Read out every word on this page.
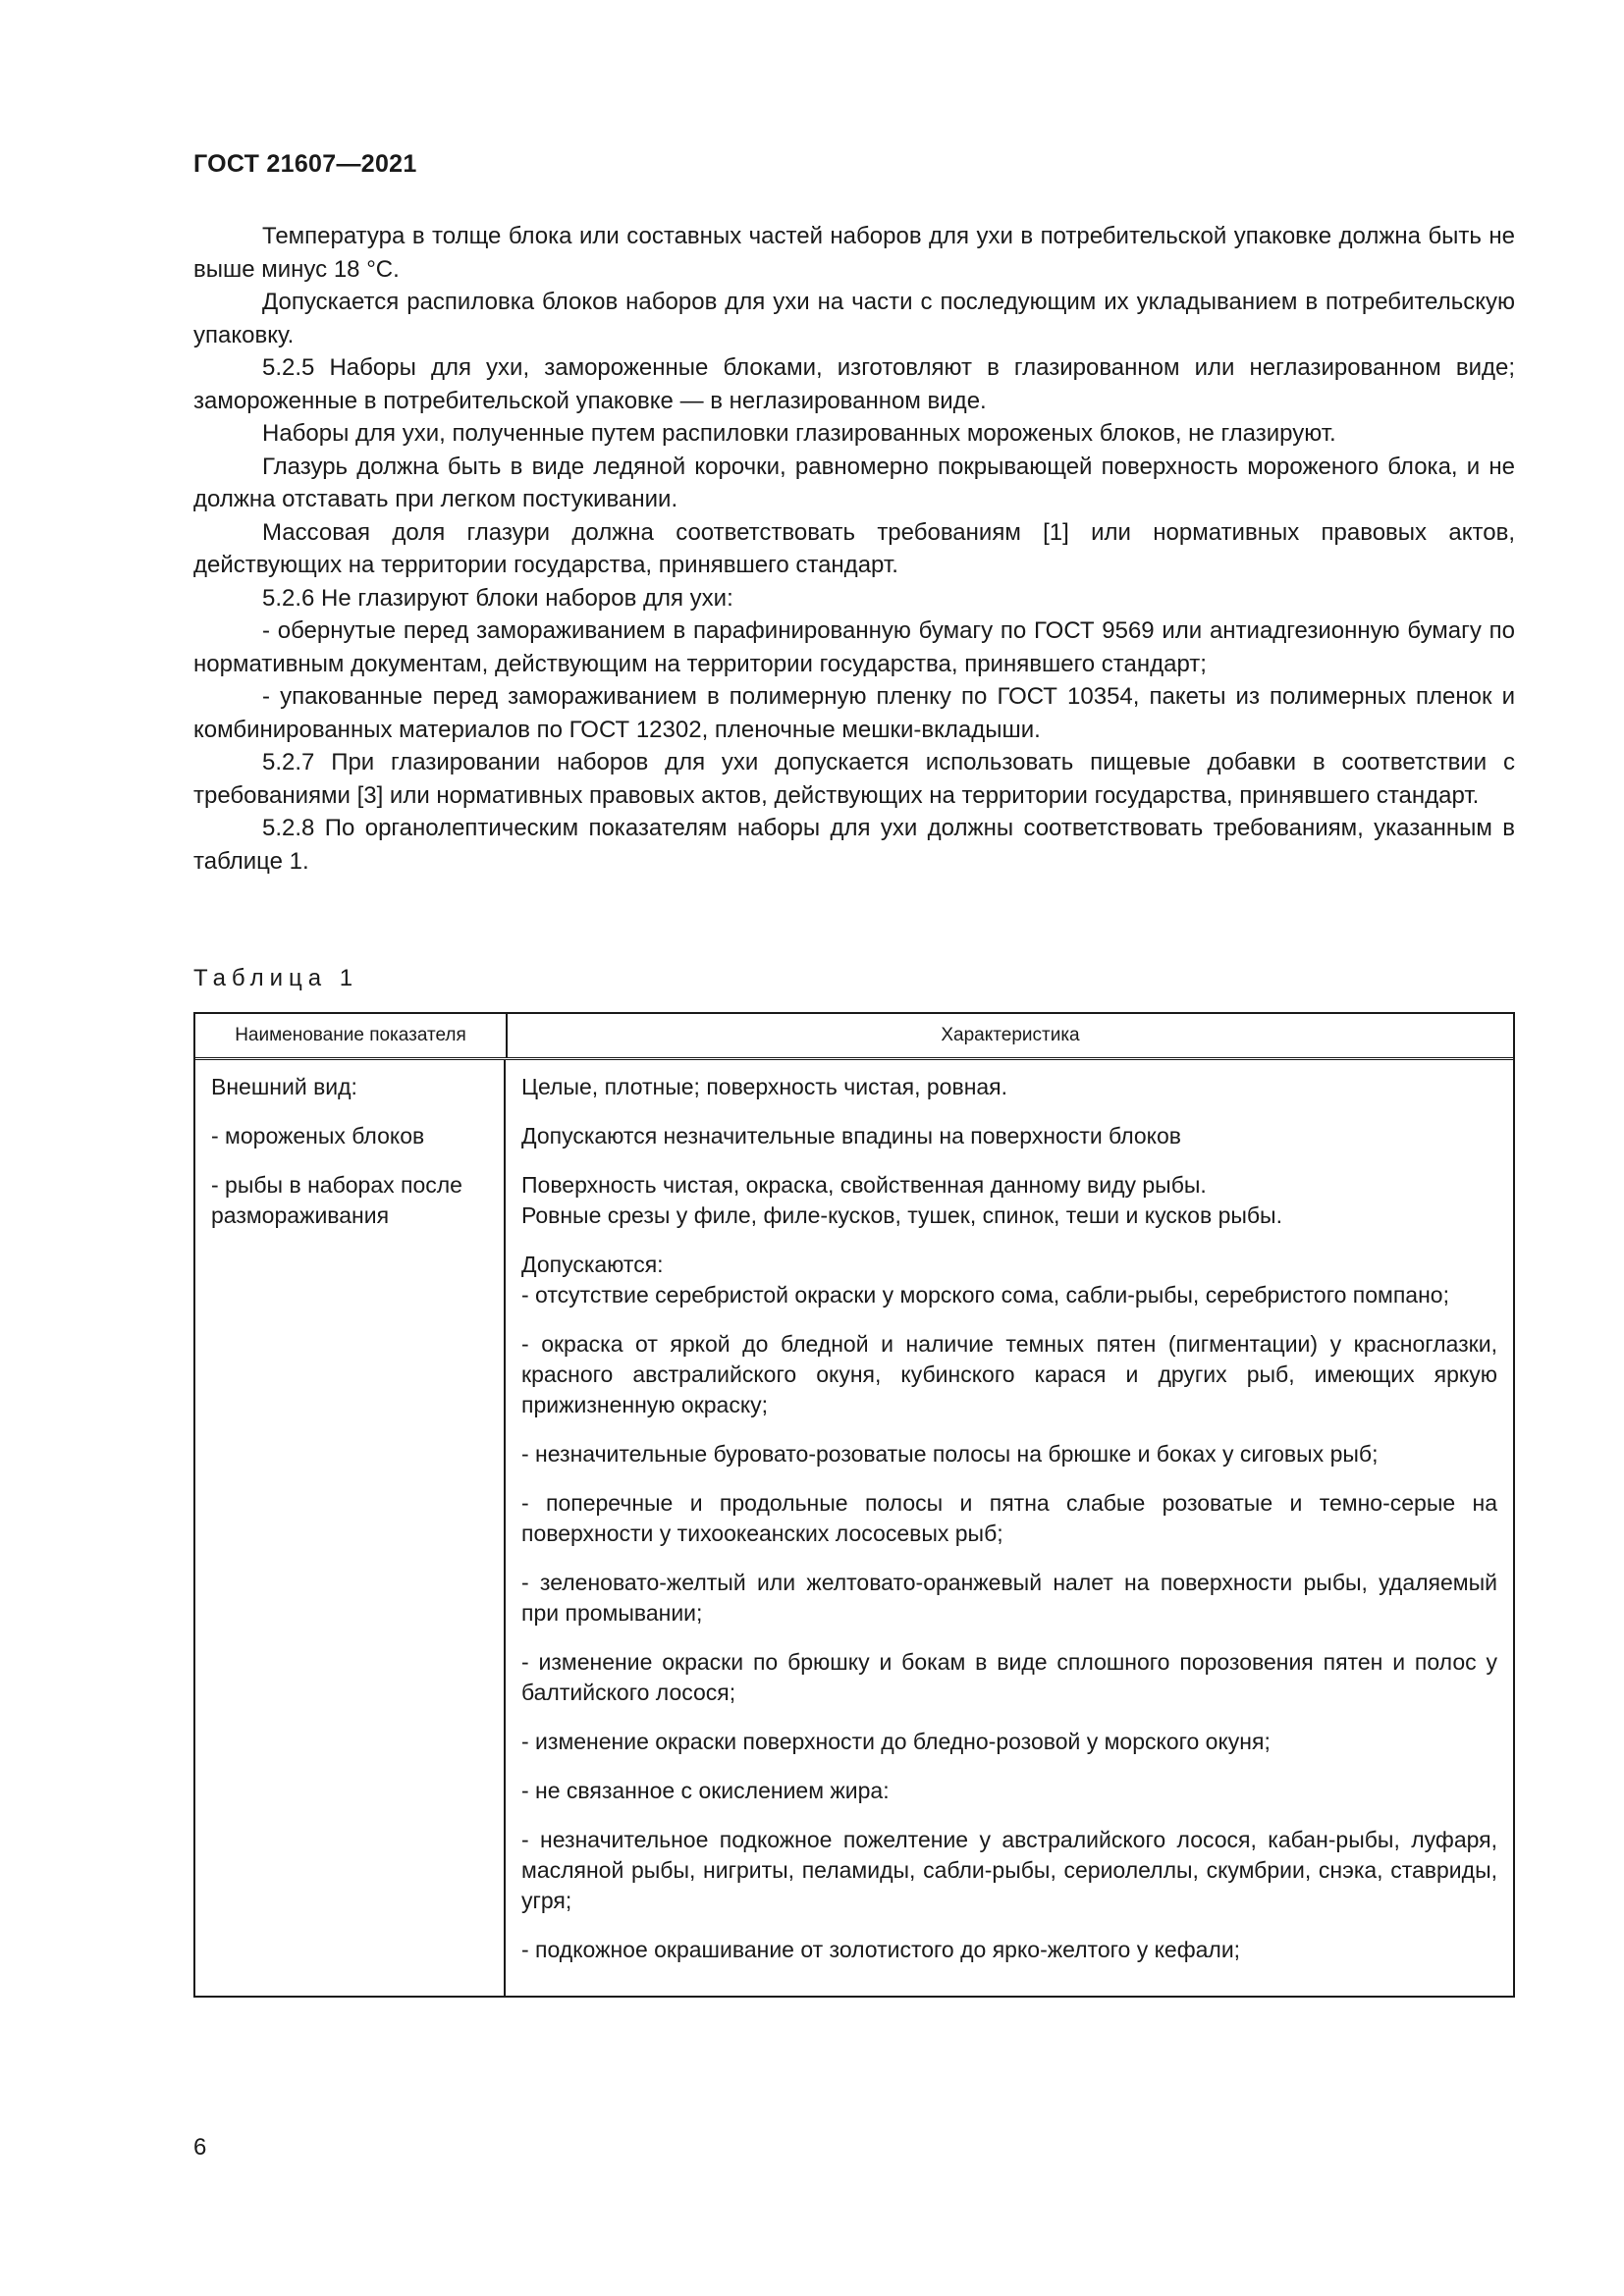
ГОСТ 21607—2021

Температура в толще блока или составных частей наборов для ухи в потребительской упаковке должна быть не выше минус 18 °С.

Допускается распиловка блоков наборов для ухи на части с последующим их укладыванием в потребительскую упаковку.

5.2.5 Наборы для ухи, замороженные блоками, изготовляют в глазированном или неглазированном виде; замороженные в потребительской упаковке — в неглазированном виде.

Наборы для ухи, полученные путем распиловки глазированных мороженых блоков, не глазируют.

Глазурь должна быть в виде ледяной корочки, равномерно покрывающей поверхность мороженого блока, и не должна отставать при легком постукивании.

Массовая доля глазури должна соответствовать требованиям [1] или нормативных правовых актов, действующих на территории государства, принявшего стандарт.

5.2.6 Не глазируют блоки наборов для ухи:

- обернутые перед замораживанием в парафинированную бумагу по ГОСТ 9569 или антиадгезионную бумагу по нормативным документам, действующим на территории государства, принявшего стандарт;

- упакованные перед замораживанием в полимерную пленку по ГОСТ 10354, пакеты из полимерных пленок и комбинированных материалов по ГОСТ 12302, пленочные мешки-вкладыши.

5.2.7 При глазировании наборов для ухи допускается использовать пищевые добавки в соответствии с требованиями [3] или нормативных правовых актов, действующих на территории государства, принявшего стандарт.

5.2.8 По органолептическим показателям наборы для ухи должны соответствовать требованиям, указанным в таблице 1.

Таблица 1
Наименование показателя	Характеристика
Внешний вид:
- мороженых блоков
- рыбы в наборах после размораживания
Целые, плотные; поверхность чистая, ровная.
Допускаются незначительные впадины на поверхности блоков
Поверхность чистая, окраска, свойственная данному виду рыбы.
Ровные срезы у филе, филе-кусков, тушек, спинок, теши и кусков рыбы.
Допускаются:
- отсутствие серебристой окраски у морского сома, сабли-рыбы, серебристого помпано;
- окраска от яркой до бледной и наличие темных пятен (пигментации) у красноглазки, красного австралийского окуня, кубинского карася и других рыб, имеющих яркую прижизненную окраску;
- незначительные буровато-розоватые полосы на брюшке и боках у сиговых рыб;
- поперечные и продольные полосы и пятна слабые розоватые и темно-серые на поверхности у тихоокеанских лососевых рыб;
- зеленовато-желтый или желтовато-оранжевый налет на поверхности рыбы, удаляемый при промывании;
- изменение окраски по брюшку и бокам в виде сплошного порозовения пятен и полос у балтийского лосося;
- изменение окраски поверхности до бледно-розовой у морского окуня;
- не связанное с окислением жира:
- незначительное подкожное пожелтение у австралийского лосося, кабан-рыбы, луфаря, масляной рыбы, нигриты, пеламиды, сабли-рыбы, сериолеллы, скумбрии, снэка, ставриды, угря;
- подкожное окрашивание от золотистого до ярко-желтого у кефали;
6
